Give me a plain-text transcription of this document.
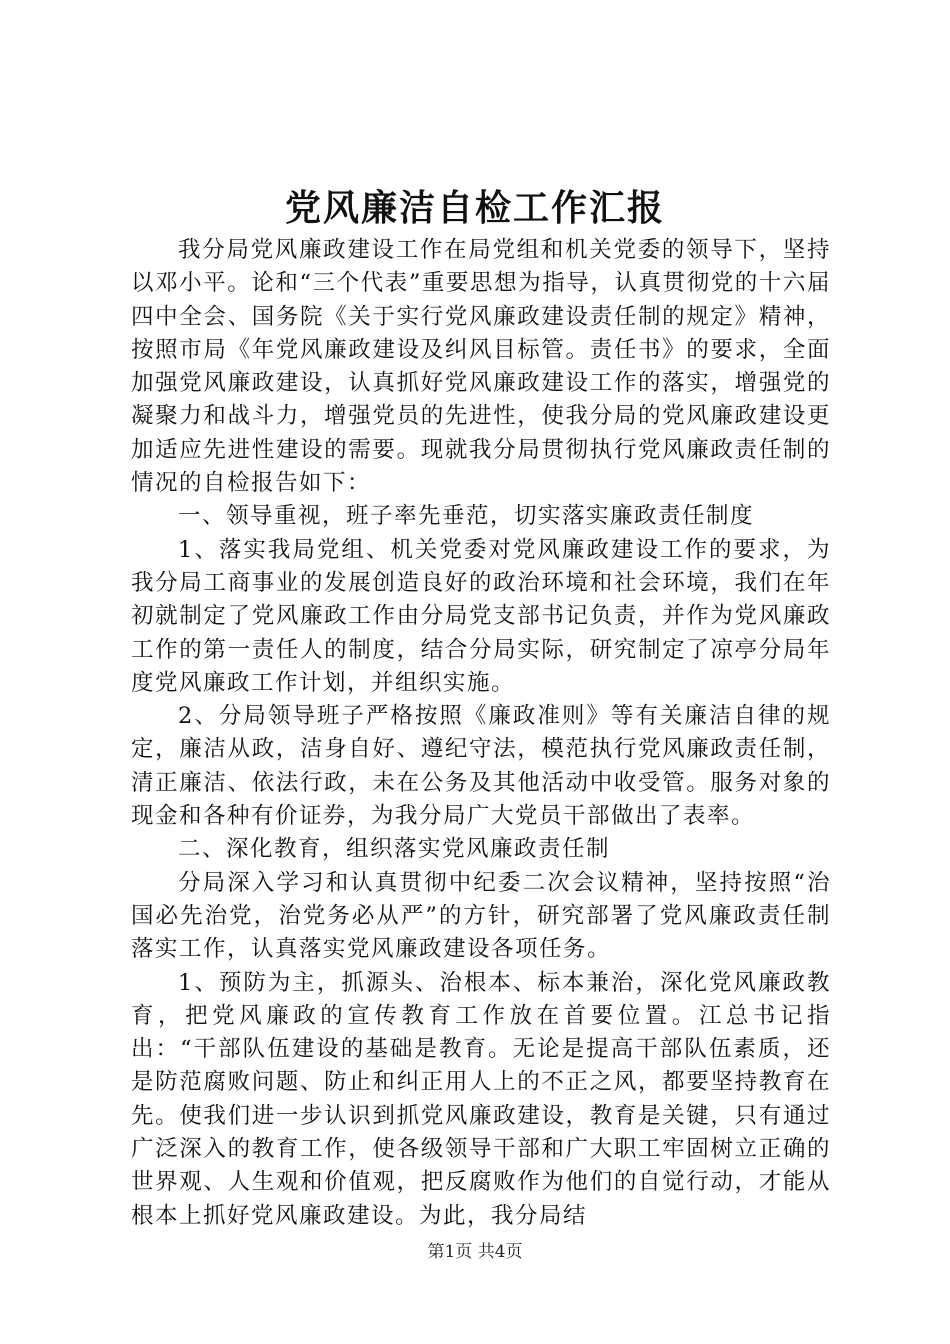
党风廉洁自检工作汇报

我分局党风廉政建设工作在局党组和机关党委的领导下，坚持以邓小平。论和“三个代表”重要思想为指导，认真贯彻党的十六届四中全会、国务院《关于实行党风廉政建设责任制的规定》精神，按照市局《年党风廉政建设及纠风目标管。责任书》的要求，全面加强党风廉政建设，认真抓好党风廉政建设工作的落实，增强党的凝聚力和战斗力，增强党员的先进性，使我分局的党风廉政建设更加适应先进性建设的需要。现就我分局贯彻执行党风廉政责任制的情况的自检报告如下：

一、领导重视，班子率先垂范，切实落实廉政责任制度

1、落实我局党组、机关党委对党风廉政建设工作的要求，为我分局工商事业的发展创造良好的政治环境和社会环境，我们在年初就制定了党风廉政工作由分局党支部书记负责，并作为党风廉政工作的第一责任人的制度，结合分局实际，研究制定了凉亭分局年度党风廉政工作计划，并组织实施。

2、分局领导班子严格按照《廉政准则》等有关廉洁自律的规定，廉洁从政，洁身自好、遵纪守法，模范执行党风廉政责任制，清正廉洁、依法行政，未在公务及其他活动中收受管。服务对象的现金和各种有价证券，为我分局广大党员干部做出了表率。

二、深化教育，组织落实党风廉政责任制

分局深入学习和认真贯彻中纪委二次会议精神，坚持按照“治国必先治党，治党务必从严”的方针，研究部署了党风廉政责任制落实工作，认真落实党风廉政建设各项任务。

1、预防为主，抓源头、治根本、标本兼治，深化党风廉政教育，把党风廉政的宣传教育工作放在首要位置。江总书记指出：“干部队伍建设的基础是教育。无论是提高干部队伍素质，还是防范腐败问题、防止和纠正用人上的不正之风，都要坚持教育在先。使我们进一步认识到抓党风廉政建设，教育是关键，只有通过广泛深入的教育工作，使各级领导干部和广大职工牢固树立正确的世界观、人生观和价值观，把反腐败作为他们的自觉行动，才能从根本上抓好党风廉政建设。为此，我分局结

第1页 共4页
